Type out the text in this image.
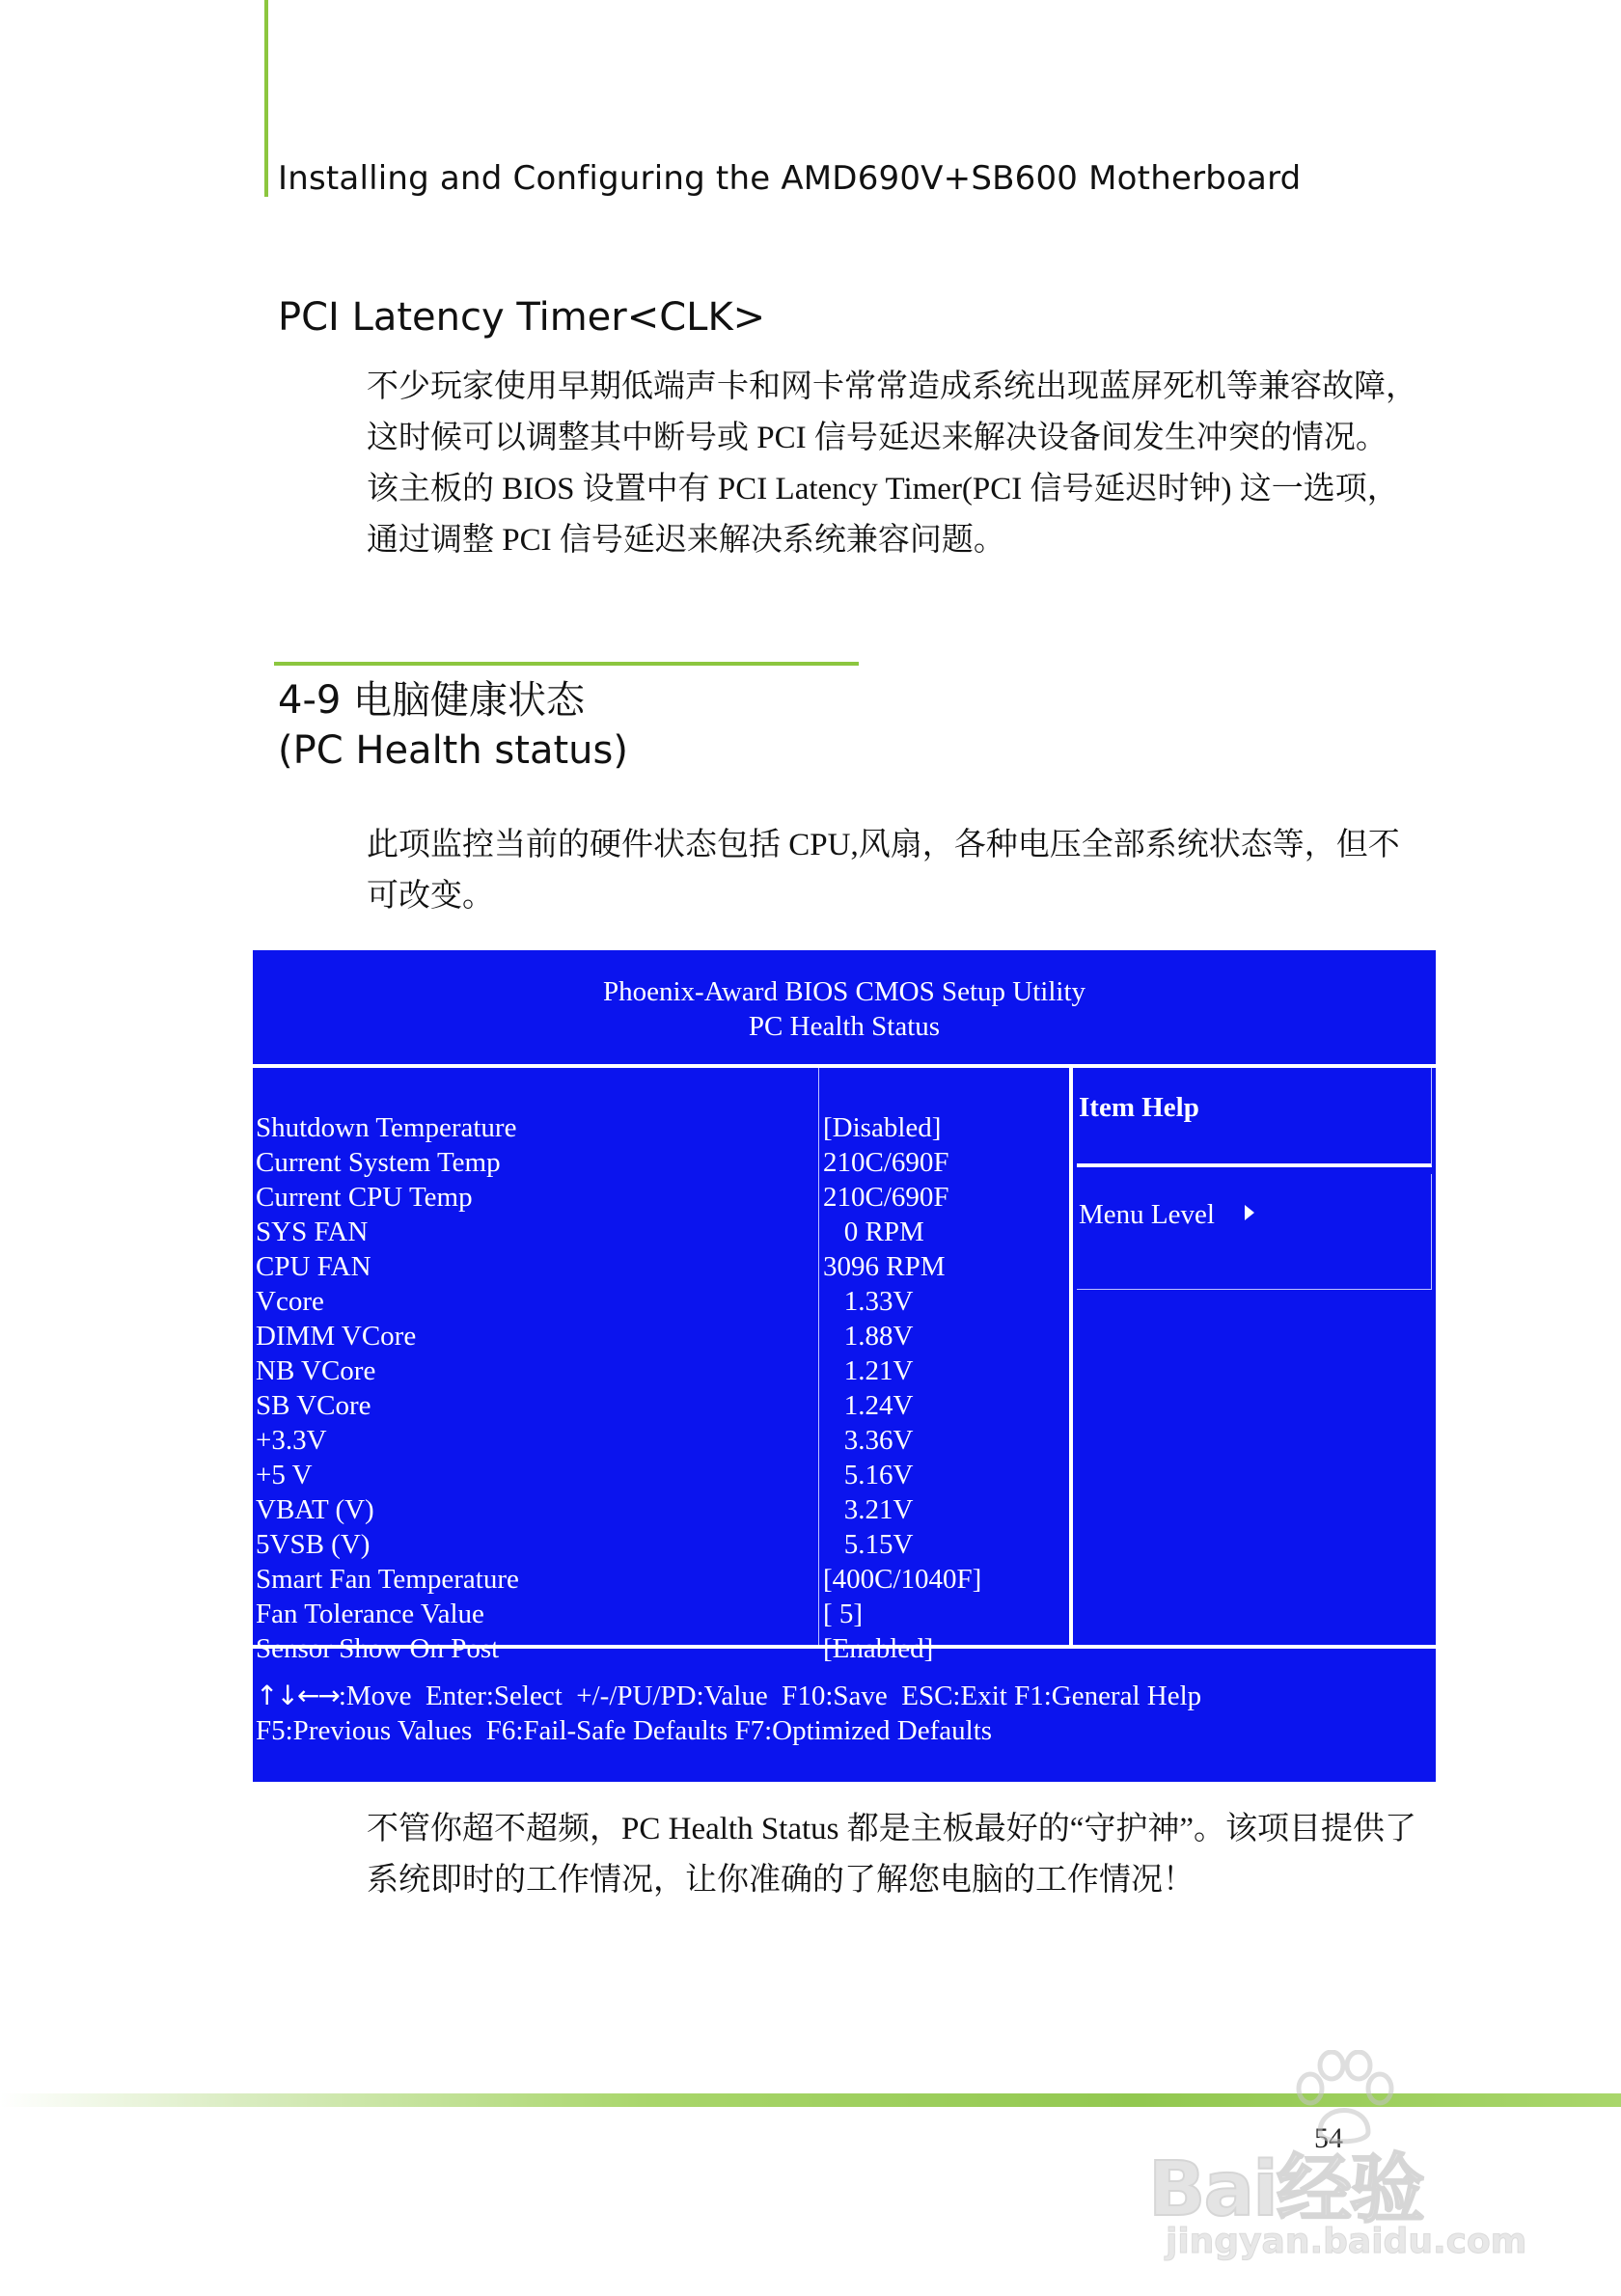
Installing and Configuring the AMD690V+SB600 Motherboard
PCI Latency Timer<CLK>
不少玩家使用早期低端声卡和网卡常常造成系统出现蓝屏死机等兼容故障，这时候可以调整其中断号或 PCI 信号延迟来解决设备间发生冲突的情况。该主板的 BIOS 设置中有 PCI Latency Timer(PCI 信号延迟时钟) 这一选项，通过调整 PCI 信号延迟来解决系统兼容问题。
4-9 电脑健康状态
(PC Health status)
此项监控当前的硬件状态包括 CPU,风扇，各种电压全部系统状态等，但不可改变。
Phoenix-Award BIOS CMOS Setup Utility
PC Health Status
Shutdown Temperature
Current System Temp
Current CPU Temp
SYS FAN
CPU FAN
Vcore
DIMM VCore
NB VCore
SB VCore
+3.3V
+5 V
VBAT (V)
5VSB (V)
Smart Fan Temperature
Fan Tolerance Value
Sensor Show On Post
[Disabled]
210C/690F
210C/690F
0 RPM
3096 RPM
1.33V
1.88V
1.21V
1.24V
3.36V
5.16V
3.21V
5.15V
[400C/1040F]
[ 5]
[Enabled]
Item Help
Menu Level
↑↓←→:Move  Enter:Select  +/-/PU/PD:Value  F10:Save  ESC:Exit F1:General Help
F5:Previous Values  F6:Fail-Safe Defaults F7:Optimized Defaults
不管你超不超频，PC Health Status 都是主板最好的“守护神”。该项目提供了系统即时的工作情况，让你准确的了解您电脑的工作情况！
54
Bai经验
jingyan.baidu.com
